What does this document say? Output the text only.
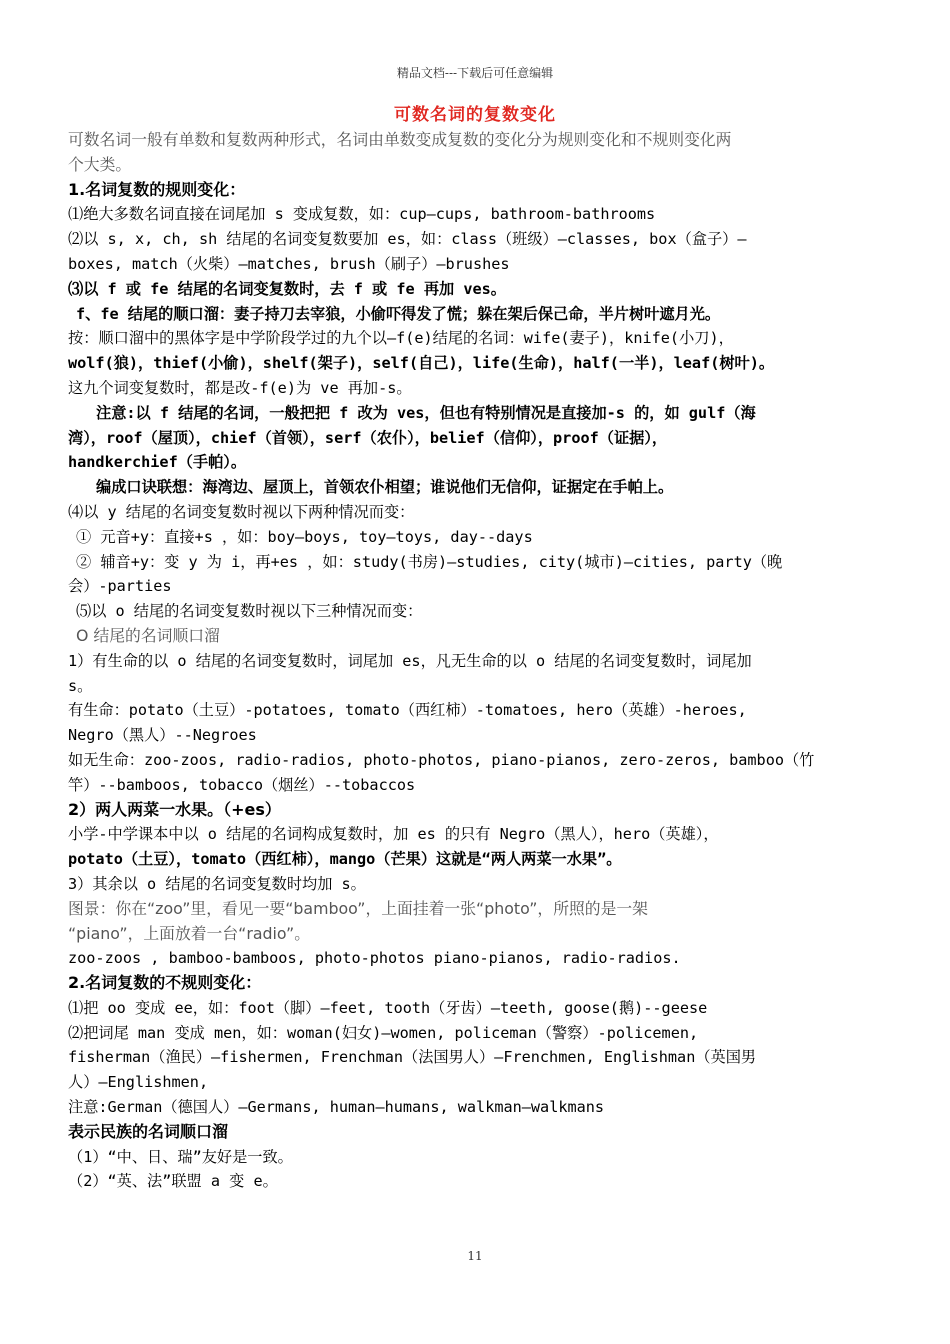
精品文档---下载后可任意编辑
可数名词的复数变化
可数名词一般有单数和复数两种形式，名词由单数变成复数的变化分为规则变化和不规则变化两
个大类。
1.名词复数的规则变化：
⑴绝大多数名词直接在词尾加 s 变成复数，如：cup—cups, bathroom-bathrooms
⑵以 s, x, ch, sh 结尾的名词变复数要加 es，如：class（班级）—classes, box（盒子）—
boxes, match（火柴）—matches, brush（刷子）—brushes
⑶以 f 或 fe 结尾的名词变复数时，去 f 或 fe 再加 ves。
f、fe 结尾的顺口溜：妻子持刀去宰狼，小偷吓得发了慌；躲在架后保己命，半片树叶遮月光。
按：顺口溜中的黑体字是中学阶段学过的九个以—f(e)结尾的名词：wife(妻子)，knife(小刀)，
wolf(狼)，thief(小偷)，shelf(架子)，self(自己)，life(生命)，half(一半)，leaf(树叶)。
这九个词变复数时，都是改-f(e)为 ve 再加-s。
注意:以 f 结尾的名词，一般把把 f 改为 ves，但也有特别情况是直接加-s 的，如 gulf（海
湾），roof（屋顶），chief（首领），serf（农仆），belief（信仰），proof（证据），
handkerchief（手帕）。
编成口诀联想：海湾边、屋顶上，首领农仆相望；谁说他们无信仰，证据定在手帕上。
⑷以 y 结尾的名词变复数时视以下两种情况而变：
① 元音+y：直接+s ，如：boy—boys, toy—toys, day--days
② 辅音+y：变 y 为 i，再+es ，如：study(书房)—studies, city(城市)—cities, party（晚
会）-parties
⑸以 o 结尾的名词变复数时视以下三种情况而变：
O 结尾的名词顺口溜
1）有生命的以 o 结尾的名词变复数时，词尾加 es，凡无生命的以 o 结尾的名词变复数时，词尾加
s。
有生命：potato（土豆）-potatoes, tomato（西红柿）-tomatoes, hero（英雄）-heroes,
Negro（黑人）--Negroes
如无生命：zoo-zoos, radio-radios, photo-photos, piano-pianos, zero-zeros, bamboo（竹
竿）--bamboos, tobacco（烟丝）--tobaccos
2）两人两菜一水果。（+es）
小学-中学课本中以 o 结尾的名词构成复数时，加 es 的只有 Negro（黑人），hero（英雄），
potato（土豆），tomato（西红柿），mango（芒果）这就是“两人两菜一水果”。
3）其余以 o 结尾的名词变复数时均加 s。
图景：你在“zoo”里，看见一要“bamboo”，上面挂着一张“photo”，所照的是一架
“piano”，上面放着一台“radio”。
zoo-zoos , bamboo-bamboos, photo-photos piano-pianos, radio-radios.
2.名词复数的不规则变化：
⑴把 oo 变成 ee，如：foot（脚）—feet, tooth（牙齿）—teeth, goose(鹅)--geese
⑵把词尾 man 变成 men，如：woman(妇女)—women, policeman（警察）-policemen,
fisherman（渔民）—fishermen, Frenchman（法国男人）—Frenchmen, Englishman（英国男
人）—Englishmen,
注意:German（德国人）—Germans, human—humans, walkman—walkmans
表示民族的名词顺口溜
（1）“中、日、瑞”友好是一致。
（2）“英、法”联盟 a 变 e。
11
